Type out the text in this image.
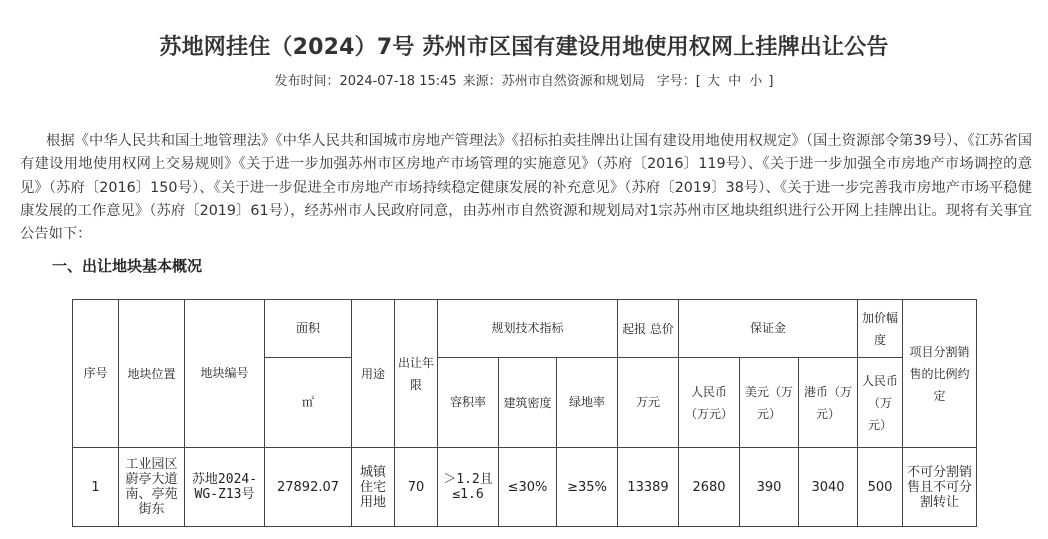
苏地网挂住（2024）7号 苏州市区国有建设用地使用权网上挂牌出让公告
发布时间：2024-07-18 15:45 来源：苏州市自然资源和规划局 字号：[ 大 中 小 ]

根据《中华人民共和国土地管理法》《中华人民共和国城市房地产管理法》《招标拍卖挂牌出让国有建设用地使用权规定》（国土资源部令第39号）、《江苏省国有建设用地使用权网上交易规则》《关于进一步加强苏州市区房地产市场管理的实施意见》（苏府〔2016〕119号）、《关于进一步加强全市房地产市场调控的意见》（苏府〔2016〕150号）、《关于进一步促进全市房地产市场持续稳定健康发展的补充意见》（苏府〔2019〕38号）、《关于进一步完善我市房地产市场平稳健康发展的工作意见》（苏府〔2019〕61号），经苏州市人民政府同意，由苏州市自然资源和规划局对1宗苏州市区地块组织进行公开网上挂牌出让。现将有关事宜公告如下：

一、出让地块基本概况
序号	地块位置	地块编号	面积	用途	出让年限	规划技术指标			起报 总价	保证金			加价幅度	项目分割销售的比例约定
			㎡			容积率	建筑密度	绿地率	万元	人民币（万元）	美元（万元）	港币（万元）	人民币（万元）	
1	工业园区蔚亭大道南、亭苑街东	苏地2024-WG-Z13号	27892.07	城镇住宅用地	70	＞1.2且≤1.6	≤30%	≥35%	13389	2680	390	3040	500	不可分割销售且不可分割转让
